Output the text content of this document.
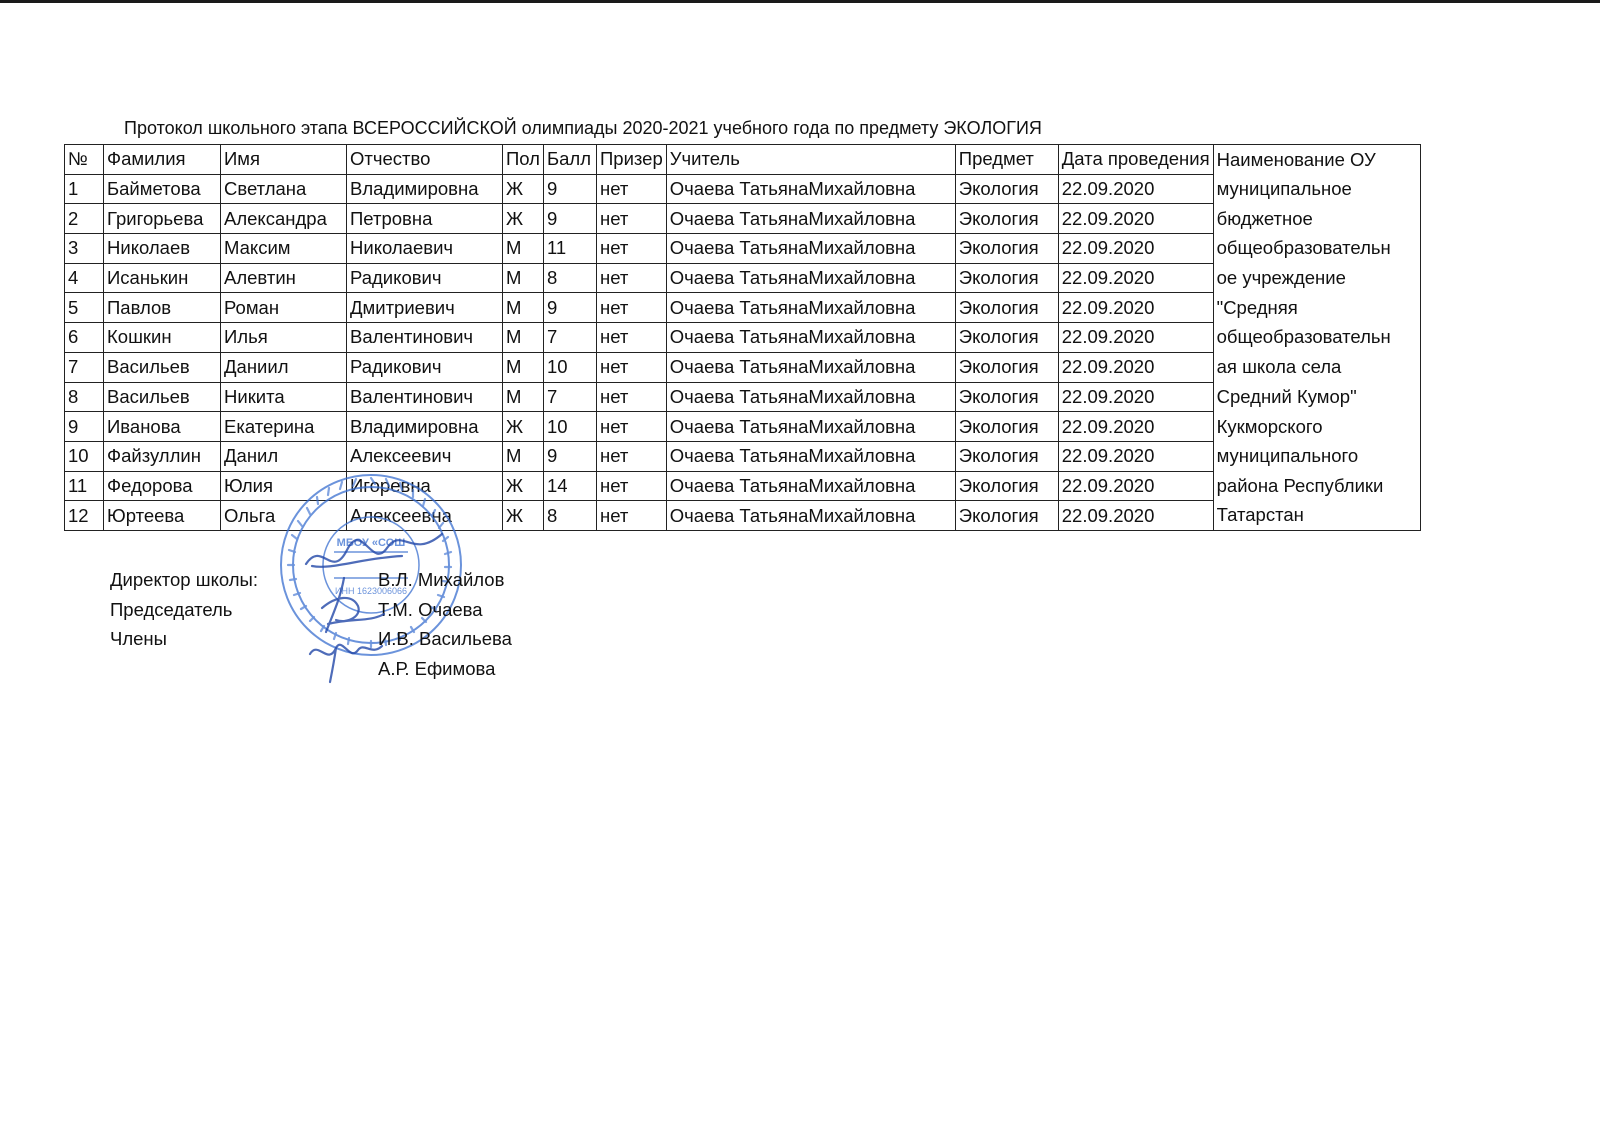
Протокол школьного этапа ВСЕРОССИЙСКОЙ олимпиады 2020-2021 учебного года по предмету ЭКОЛОГИЯ
№	Фамилия	Имя	Отчество	Пол	Балл	Призер	Учитель	Предмет	Дата проведения	Наименование ОУ
1	Байметова	Светлана	Владимировна	Ж	9	нет	Очаева ТатьянаМихайловна	Экология	22.09.2020	муниципальное
2	Григорьева	Александра	Петровна	Ж	9	нет	Очаева ТатьянаМихайловна	Экология	22.09.2020	бюджетное
3	Николаев	Максим	Николаевич	М	11	нет	Очаева ТатьянаМихайловна	Экология	22.09.2020	общеобразовательн
4	Исанькин	Алевтин	Радикович	М	8	нет	Очаева ТатьянаМихайловна	Экология	22.09.2020	ое учреждение
5	Павлов	Роман	Дмитриевич	М	9	нет	Очаева ТатьянаМихайловна	Экология	22.09.2020	"Средняя
6	Кошкин	Илья	Валентинович	М	7	нет	Очаева ТатьянаМихайловна	Экология	22.09.2020	общеобразовательн
7	Васильев	Даниил	Радикович	М	10	нет	Очаева ТатьянаМихайловна	Экология	22.09.2020	ая школа села
8	Васильев	Никита	Валентинович	М	7	нет	Очаева ТатьянаМихайловна	Экология	22.09.2020	Средний Кумор"
9	Иванова	Екатерина	Владимировна	Ж	10	нет	Очаева ТатьянаМихайловна	Экология	22.09.2020	Кукморского
10	Файзуллин	Данил	Алексеевич	М	9	нет	Очаева ТатьянаМихайловна	Экология	22.09.2020	муниципального
11	Федорова	Юлия	Игоревна	Ж	14	нет	Очаева ТатьянаМихайловна	Экология	22.09.2020	района Республики
12	Юртеева	Ольга	Алексеевна	Ж	8	нет	Очаева ТатьянаМихайловна	Экология	22.09.2020	Татарстан
МБОУ «СОШ
ИНН 1623006066
Директор школы:	В.Л. Михайлов
Председатель	Т.М. Очаева
Члены	И.В. Васильева
А.Р. Ефимова
